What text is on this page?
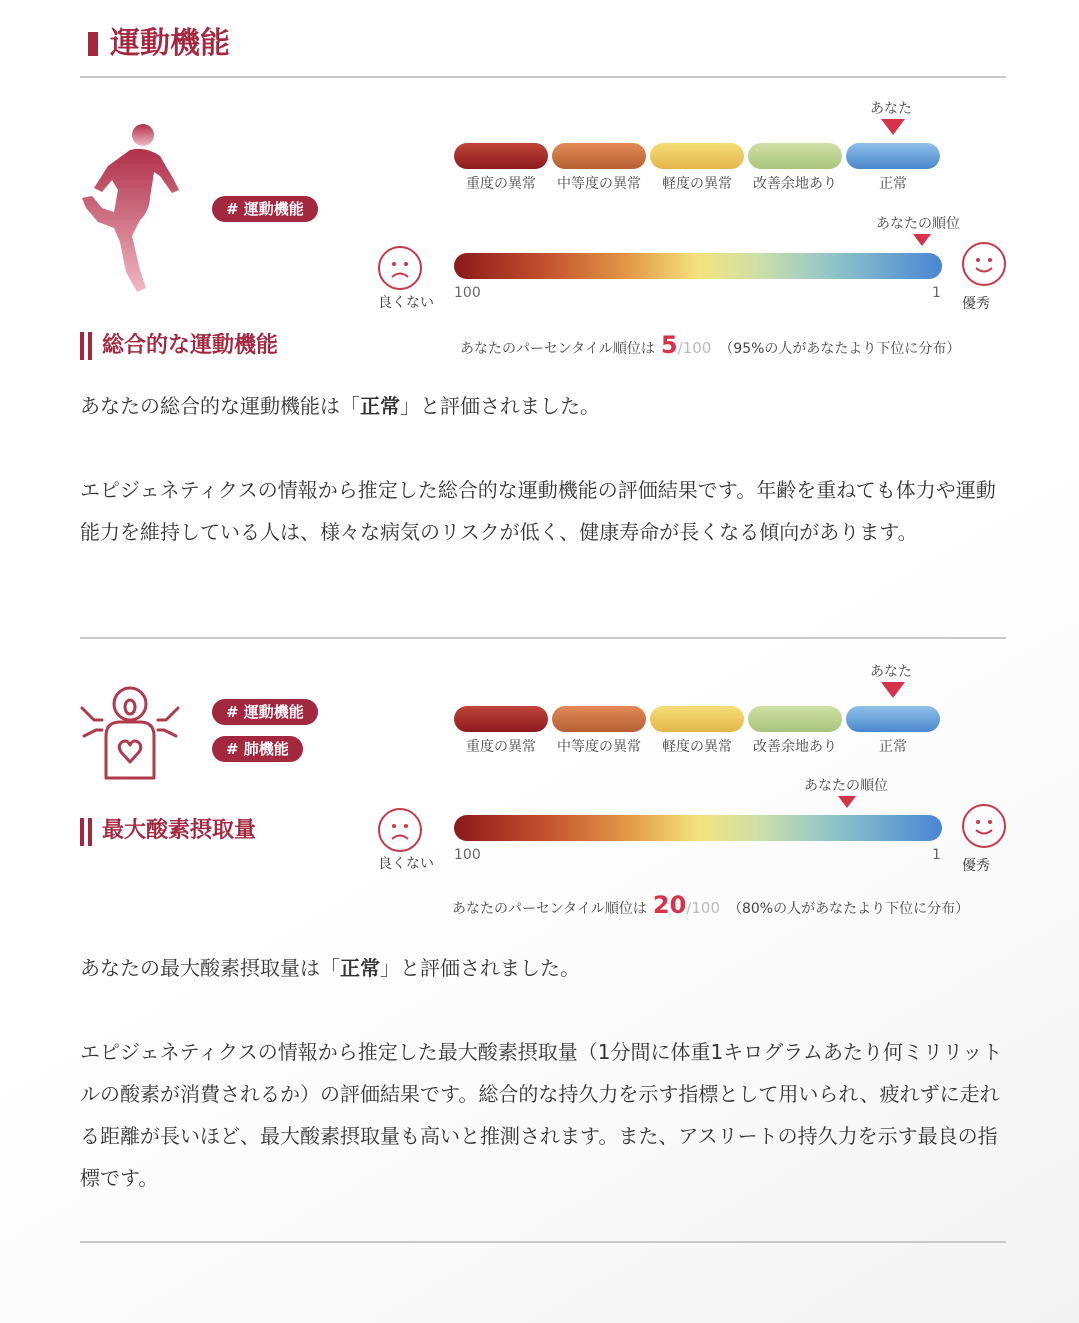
運動機能
# 運動機能
あなた
重度の異常	中等度の異常	軽度の異常	改善余地あり	正常
あなたの順位
良くない
100	1
優秀
総合的な運動機能	あなたのパーセンタイル順位は 5/100 （95%の人があなたより下位に分布）
あなたの総合的な運動機能は「正常」と評価されました。
エピジェネティクスの情報から推定した総合的な運動機能の評価結果です。年齢を重ねても体力や運動能力を維持している人は、様々な病気のリスクが低く、健康寿命が長くなる傾向があります。
# 運動機能
# 肺機能
あなた
重度の異常	中等度の異常	軽度の異常	改善余地あり	正常
あなたの順位
良くない
100	1
優秀
最大酸素摂取量
あなたのパーセンタイル順位は 20/100 （80%の人があなたより下位に分布）
あなたの最大酸素摂取量は「正常」と評価されました。
エピジェネティクスの情報から推定した最大酸素摂取量（1分間に体重1キログラムあたり何ミリリットルの酸素が消費されるか）の評価結果です。総合的な持久力を示す指標として用いられ、疲れずに走れる距離が長いほど、最大酸素摂取量も高いと推測されます。また、アスリートの持久力を示す最良の指標です。
